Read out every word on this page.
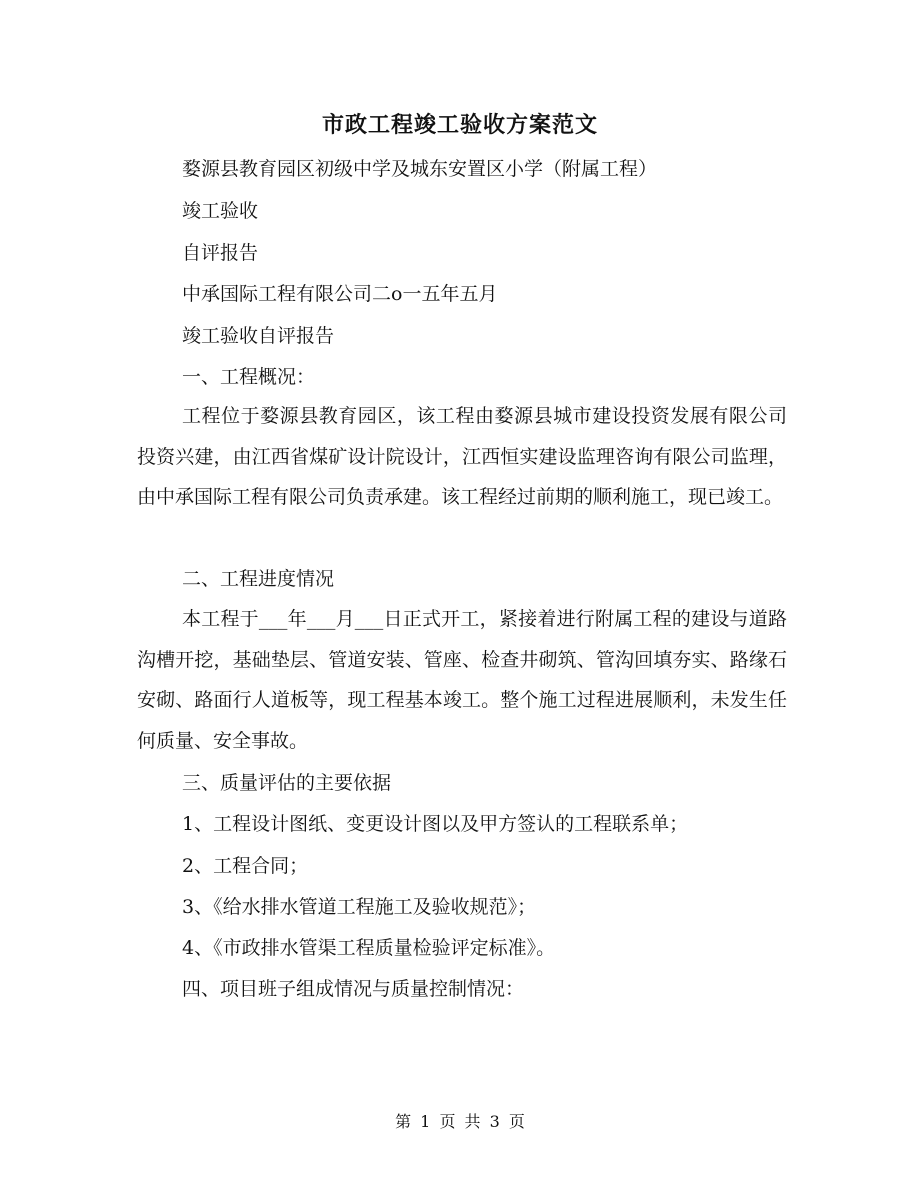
市政工程竣工验收方案范文

婺源县教育园区初级中学及城东安置区小学（附属工程）

竣工验收

自评报告

中承国际工程有限公司二o一五年五月

竣工验收自评报告

一、工程概况：

工程位于婺源县教育园区，该工程由婺源县城市建设投资发展有限公司投资兴建，由江西省煤矿设计院设计，江西恒实建设监理咨询有限公司监理，由中承国际工程有限公司负责承建。该工程经过前期的顺利施工，现已竣工。

二、工程进度情况

本工程于___年___月___日正式开工，紧接着进行附属工程的建设与道路沟槽开挖，基础垫层、管道安装、管座、检查井砌筑、管沟回填夯实、路缘石安砌、路面行人道板等，现工程基本竣工。整个施工过程进展顺利，未发生任何质量、安全事故。

三、质量评估的主要依据

1、工程设计图纸、变更设计图以及甲方签认的工程联系单；

2、工程合同；

3、《给水排水管道工程施工及验收规范》；

4、《市政排水管渠工程质量检验评定标准》。

四、项目班子组成情况与质量控制情况：

第 1 页 共 3 页
